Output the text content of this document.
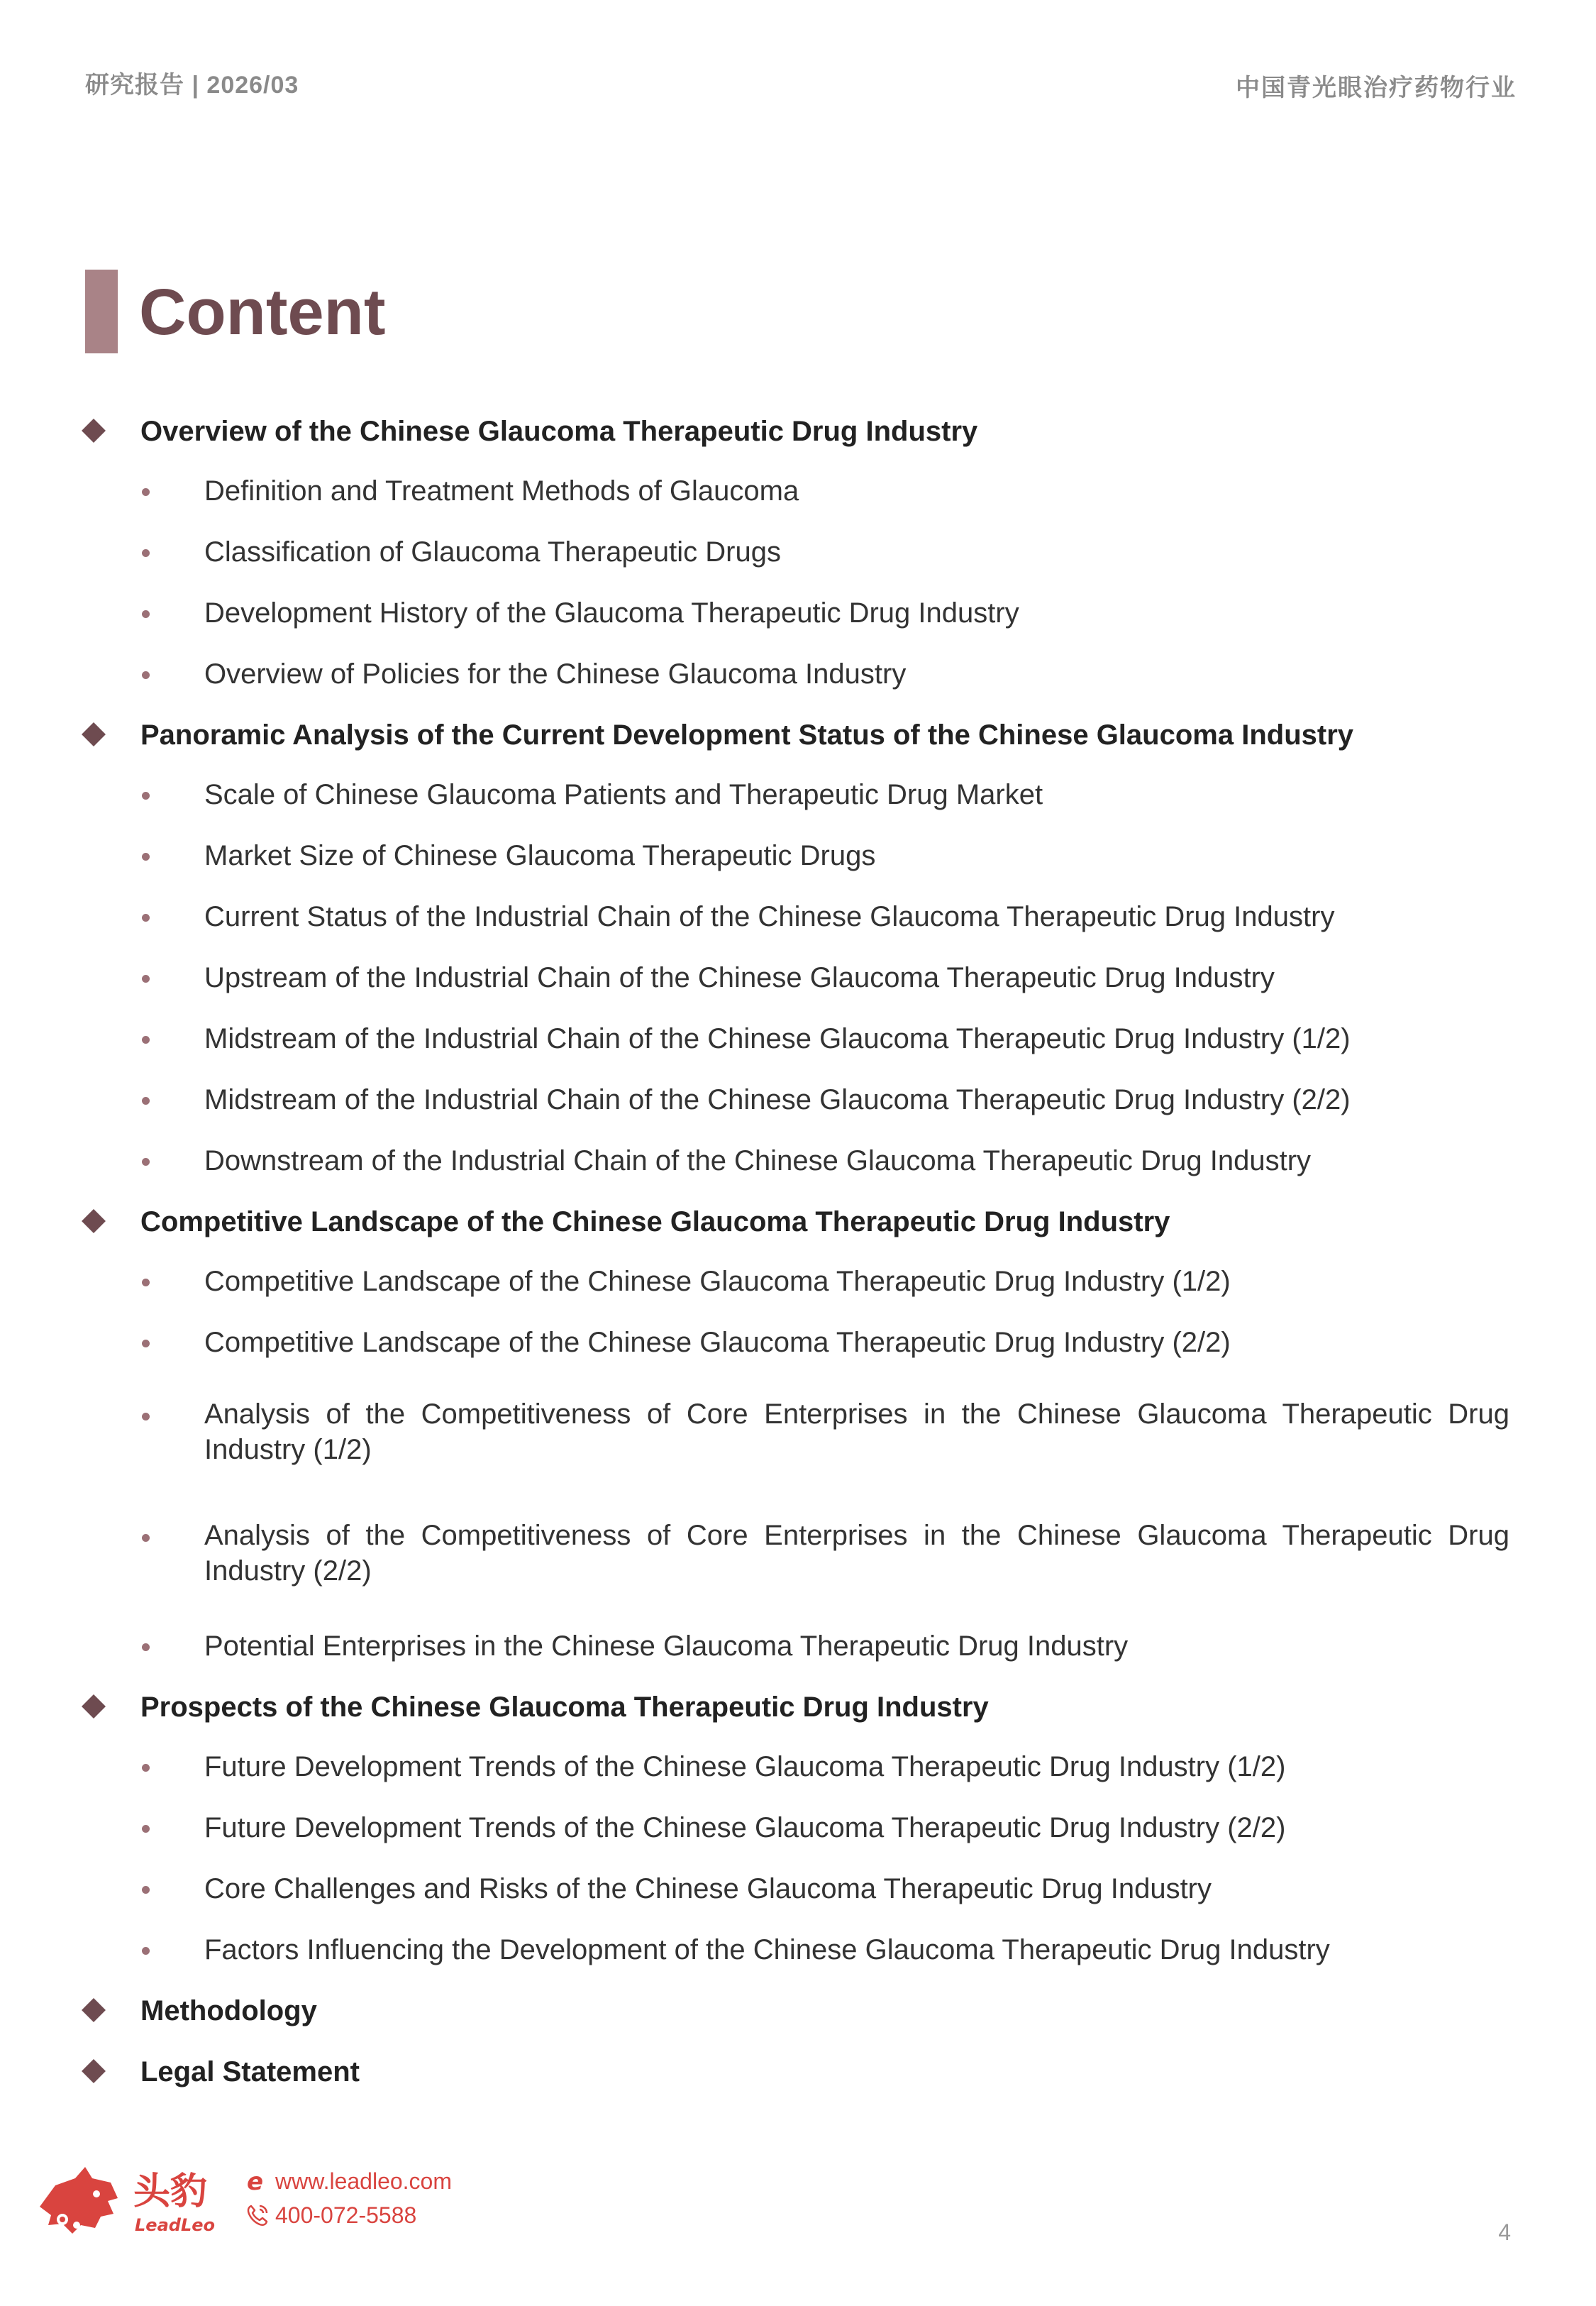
研究报告 | 2026/03	中国青光眼治疗药物行业
Content
Overview of the Chinese Glaucoma Therapeutic Drug Industry
Definition and Treatment Methods of Glaucoma
Classification of Glaucoma Therapeutic Drugs
Development History of the Glaucoma Therapeutic Drug Industry
Overview of Policies for the Chinese Glaucoma Industry
Panoramic Analysis of the Current Development Status of the Chinese Glaucoma Industry
Scale of Chinese Glaucoma Patients and Therapeutic Drug Market
Market Size of Chinese Glaucoma Therapeutic Drugs
Current Status of the Industrial Chain of the Chinese Glaucoma Therapeutic Drug Industry
Upstream of the Industrial Chain of the Chinese Glaucoma Therapeutic Drug Industry
Midstream of the Industrial Chain of the Chinese Glaucoma Therapeutic Drug Industry (1/2)
Midstream of the Industrial Chain of the Chinese Glaucoma Therapeutic Drug Industry (2/2)
Downstream of the Industrial Chain of the Chinese Glaucoma Therapeutic Drug Industry
Competitive Landscape of the Chinese Glaucoma Therapeutic Drug Industry
Competitive Landscape of the Chinese Glaucoma Therapeutic Drug Industry (1/2)
Competitive Landscape of the Chinese Glaucoma Therapeutic Drug Industry (2/2)
Analysis of the Competitiveness of Core Enterprises in the Chinese Glaucoma Therapeutic Drug Industry (1/2)
Analysis of the Competitiveness of Core Enterprises in the Chinese Glaucoma Therapeutic Drug Industry (2/2)
Potential Enterprises in the Chinese Glaucoma Therapeutic Drug Industry
Prospects of the Chinese Glaucoma Therapeutic Drug Industry
Future Development Trends of the Chinese Glaucoma Therapeutic Drug Industry (1/2)
Future Development Trends of the Chinese Glaucoma Therapeutic Drug Industry (2/2)
Core Challenges and Risks of the Chinese Glaucoma Therapeutic Drug Industry
Factors Influencing the Development of the Chinese Glaucoma Therapeutic Drug Industry
Methodology
Legal Statement
头豹
LeadLeo
e www.leadleo.com
400-072-5588
4
